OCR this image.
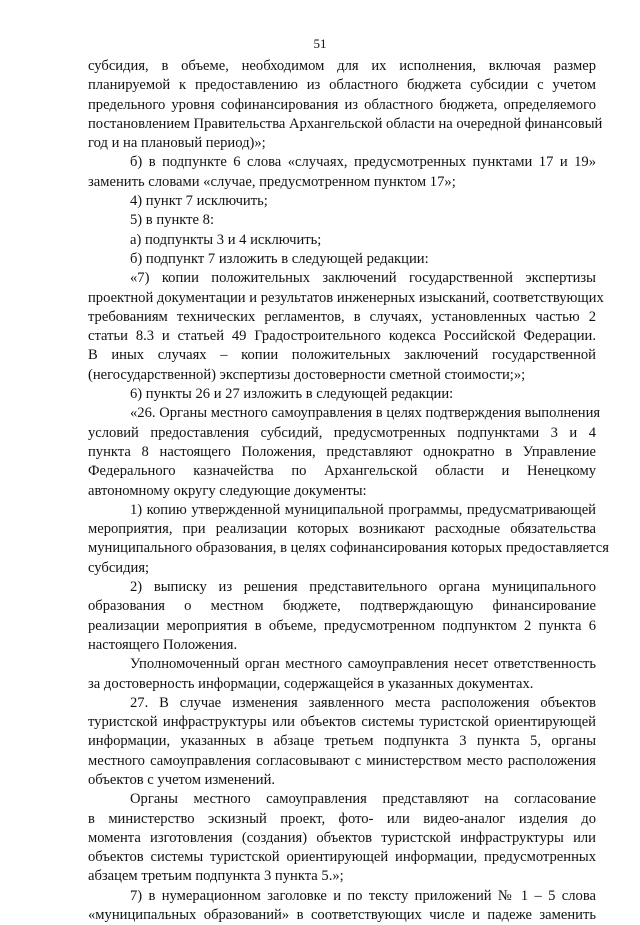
51
субсидия, в объеме, необходимом для их исполнения, включая размер
планируемой к предоставлению из областного бюджета субсидии с учетом
предельного уровня софинансирования из областного бюджета, определяемого
постановлением Правительства Архангельской области на очередной финансовый
год и на плановый период)»;
б) в подпункте 6 слова «случаях, предусмотренных пунктами 17 и 19»
заменить словами «случае, предусмотренном пунктом 17»;
4) пункт 7 исключить;
5) в пункте 8:
а) подпункты 3 и 4 исключить;
б) подпункт 7 изложить в следующей редакции:
«7) копии положительных заключений государственной экспертизы
проектной документации и результатов инженерных изысканий, соответствующих
требованиям технических регламентов, в случаях, установленных частью 2
статьи 8.3 и статьей 49 Градостроительного кодекса Российской Федерации.
В иных случаях – копии положительных заключений государственной
(негосударственной) экспертизы достоверности сметной стоимости;»;
6) пункты 26 и 27 изложить в следующей редакции:
«26. Органы местного самоуправления в целях подтверждения выполнения
условий предоставления субсидий, предусмотренных подпунктами 3 и 4
пункта 8 настоящего Положения, представляют однократно в Управление
Федерального казначейства по Архангельской области и Ненецкому
автономному округу следующие документы:
1) копию утвержденной муниципальной программы, предусматривающей
мероприятия, при реализации которых возникают расходные обязательства
муниципального образования, в целях софинансирования которых предоставляется
субсидия;
2) выписку из решения представительного органа муниципального
образования о местном бюджете, подтверждающую финансирование
реализации мероприятия в объеме, предусмотренном подпунктом 2 пункта 6
настоящего Положения.
Уполномоченный орган местного самоуправления несет ответственность
за достоверность информации, содержащейся в указанных документах.
27. В случае изменения заявленного места расположения объектов
туристской инфраструктуры или объектов системы туристской ориентирующей
информации, указанных в абзаце третьем подпункта 3 пункта 5, органы
местного самоуправления согласовывают с министерством место расположения
объектов с учетом изменений.
Органы местного самоуправления представляют на согласование
в министерство эскизный проект, фото- или видео-аналог изделия до
момента изготовления (создания) объектов туристской инфраструктуры или
объектов системы туристской ориентирующей информации, предусмотренных
абзацем третьим подпункта 3 пункта 5.»;
7) в нумерационном заголовке и по тексту приложений № 1 – 5 слова
«муниципальных образований» в соответствующих числе и падеже заменить
